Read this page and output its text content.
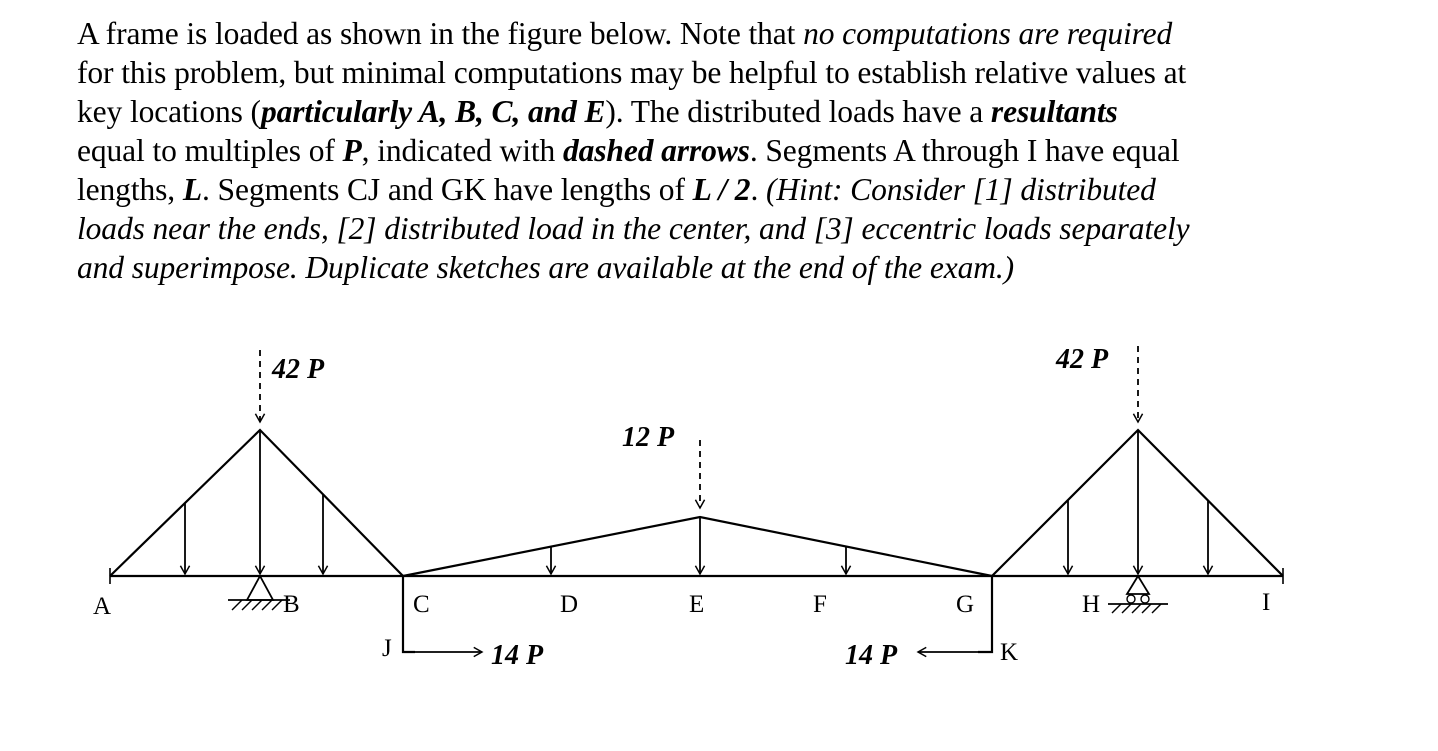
A frame is loaded as shown in the figure below. Note that no computations are required
for this problem, but minimal computations may be helpful to establish relative values at
key locations (particularly A, B, C, and E). The distributed loads have a resultants
equal to multiples of P, indicated with dashed arrows. Segments A through I have equal
lengths, L. Segments CJ and GK have lengths of L / 2. (Hint: Consider [1] distributed
loads near the ends, [2] distributed load in the center, and [3] eccentric loads separately
and superimpose. Duplicate sketches are available at the end of the exam.)
42 P
12 P
42 P
14 P	14 P
A	B	C	D	E	F	G	H	I
J	K
